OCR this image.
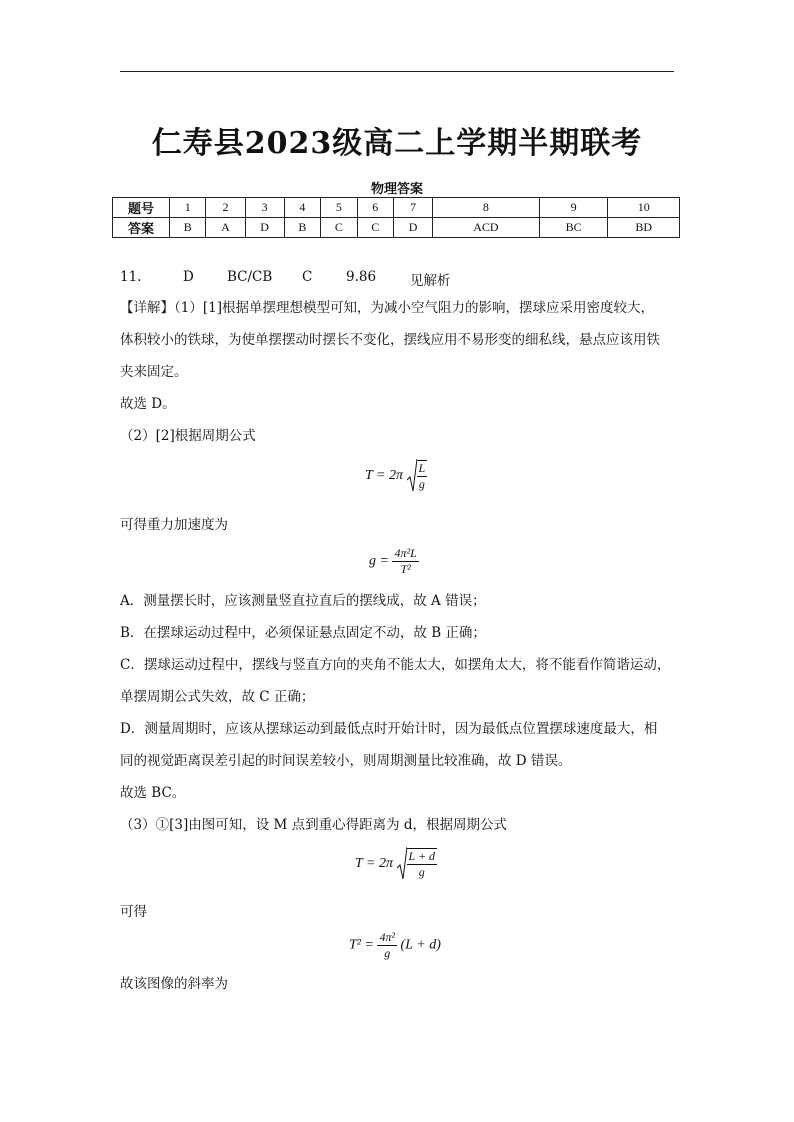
仁寿县2023级高二上学期半期联考
物理答案
题号	1	2	3	4	5	6	7	8	9	10
答案	B	A	D	B	C	C	D	ACD	BC	BD
11.	D BC/CB C 9.86	见解析
【详解】（1）[1]根据单摆理想模型可知，为减小空气阻力的影响，摆球应采用密度较大，
体积较小的铁球，为使单摆摆动时摆长不变化，摆线应用不易形变的细私线，悬点应该用铁
夹来固定。
故选 D。
（2）[2]根据周期公式
$T = 2\pi \frac{L}{g}$
可得重力加速度为
$g = \frac{\text{4π²L}}{\text{T²}}$
A．测量摆长时，应该测量竖直拉直后的摆线成，故 A 错误；
B．在摆球运动过程中，必须保证悬点固定不动，故 B 正确；
C．摆球运动过程中，摆线与竖直方向的夹角不能太大，如摆角太大，将不能看作简谐运动，
单摆周期公式失效，故 C 正确；
D．测量周期时，应该从摆球运动到最低点时开始计时，因为最低点位置摆球速度最大，相
同的视觉距离误差引起的时间误差较小，则周期测量比较准确，故 D 错误。
故选 BC。
（3）①[3]由图可知，设 M 点到重心得距离为 d，根据周期公式
$T = 2\pi \frac{L + d}{g}$
可得
$T^2 = \frac{\text{4π²}}{g} (L + d)$
故该图像的斜率为
